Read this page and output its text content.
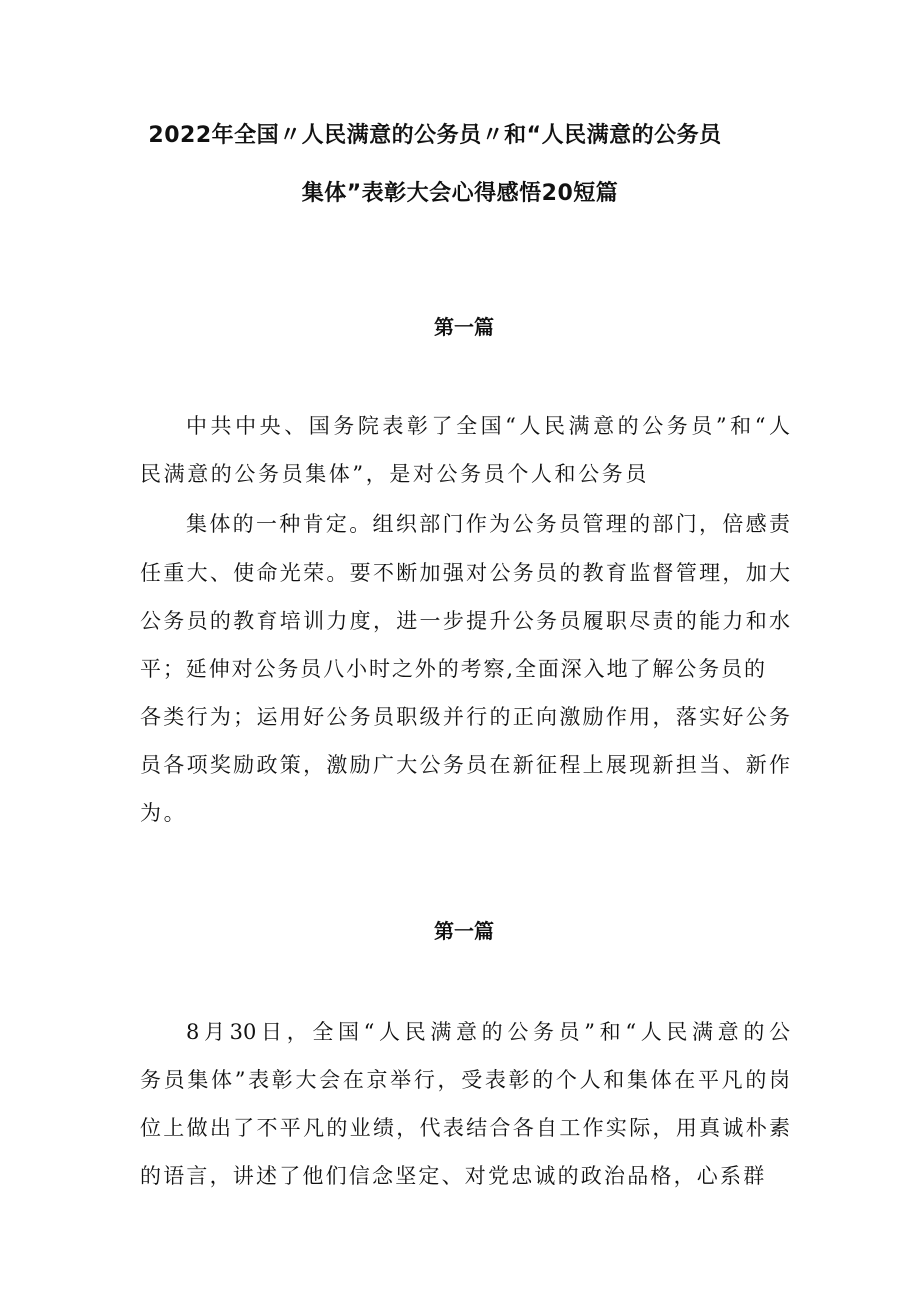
2022年全国〃人民满意的公务员〃和“人民满意的公务员
集体”表彰大会心得感悟20短篇
第一篇
中共中央、国务院表彰了全国“人民满意的公务员”和“人
民满意的公务员集体”，是对公务员个人和公务员
集体的一种肯定。组织部门作为公务员管理的部门，倍感责
任重大、使命光荣。要不断加强对公务员的教育监督管理，加大
公务员的教育培训力度，进一步提升公务员履职尽责的能力和水
平；延伸对公务员八小时之外的考察,全面深入地了解公务员的
各类行为；运用好公务员职级并行的正向激励作用，落实好公务
员各项奖励政策，激励广大公务员在新征程上展现新担当、新作
为。
第一篇
8月30日，全国“人民满意的公务员”和“人民满意的公
务员集体”表彰大会在京举行，受表彰的个人和集体在平凡的岗
位上做出了不平凡的业绩，代表结合各自工作实际，用真诚朴素
的语言，讲述了他们信念坚定、对党忠诚的政治品格，心系群
